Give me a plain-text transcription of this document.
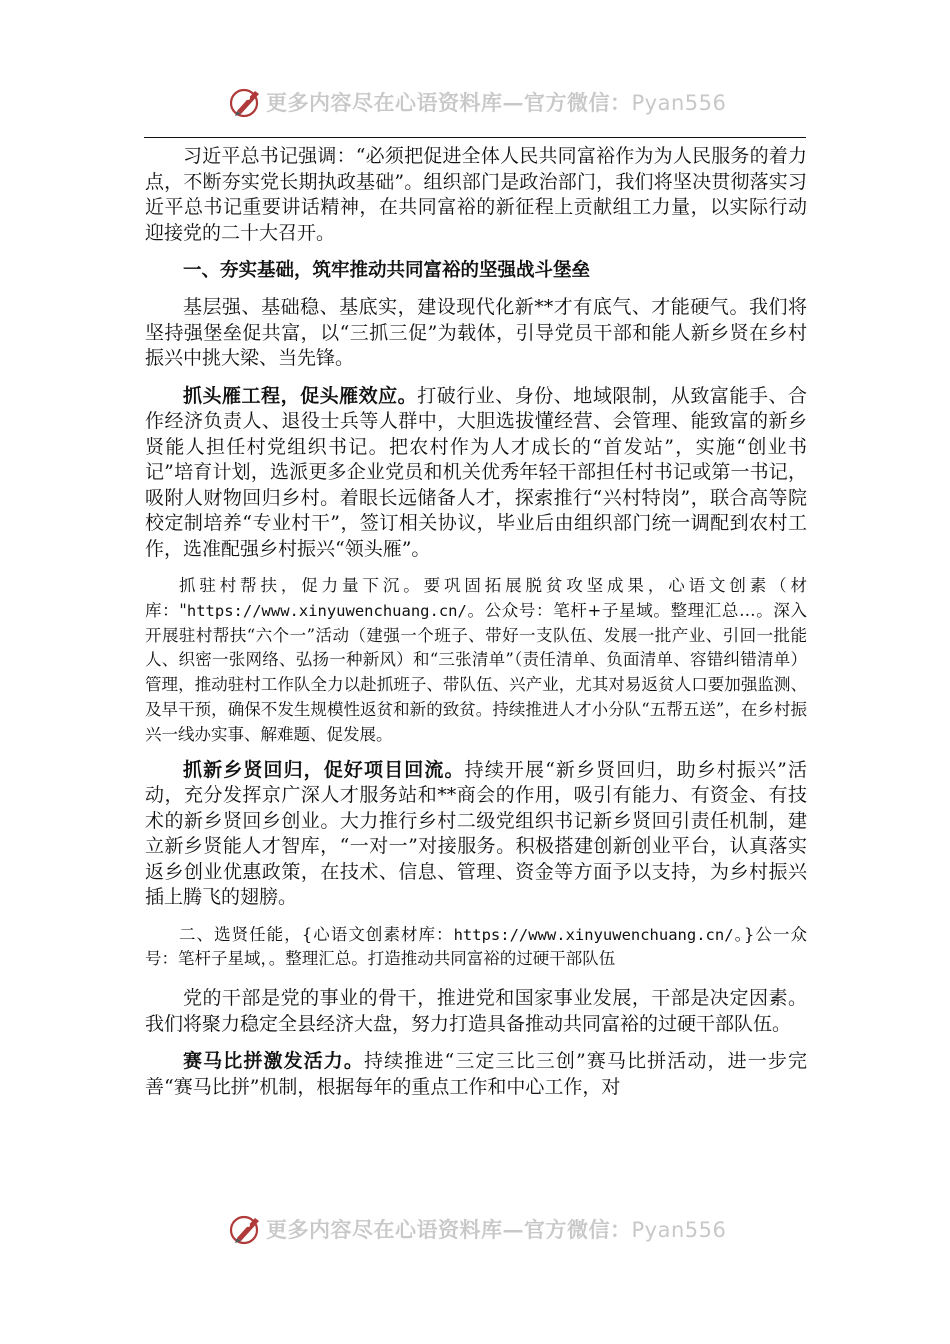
更多内容尽在心语资料库—官方微信：Pyan556

习近平总书记强调：“必须把促进全体人民共同富裕作为为人民服务的着力点，不断夯实党长期执政基础”。组织部门是政治部门，我们将坚决贯彻落实习近平总书记重要讲话精神，在共同富裕的新征程上贡献组工力量，以实际行动迎接党的二十大召开。

一、夯实基础，筑牢推动共同富裕的坚强战斗堡垒

基层强、基础稳、基底实，建设现代化新**才有底气、才能硬气。我们将坚持强堡垒促共富，以“三抓三促”为载体，引导党员干部和能人新乡贤在乡村振兴中挑大梁、当先锋。

抓头雁工程，促头雁效应。打破行业、身份、地域限制，从致富能手、合作经济负责人、退役士兵等人群中，大胆选拔懂经营、会管理、能致富的新乡贤能人担任村党组织书记。把农村作为人才成长的“首发站”，实施“创业书记”培育计划，选派更多企业党员和机关优秀年轻干部担任村书记或第一书记，吸附人财物回归乡村。着眼长远储备人才，探索推行“兴村特岗”，联合高等院校定制培养“专业村干”，签订相关协议，毕业后由组织部门统一调配到农村工作，选准配强乡村振兴“领头雁”。

抓驻村帮扶，促力量下沉。要巩固拓展脱贫攻坚成果，心语文创素（材库："https://www.xinyuwenchuang.cn/。公众号：笔杆+子星域。整理汇总…。深入开展驻村帮扶“六个一”活动（建强一个班子、带好一支队伍、发展一批产业、引回一批能人、织密一张网络、弘扬一种新风）和“三张清单”（责任清单、负面清单、容错纠错清单）管理，推动驻村工作队全力以赴抓班子、带队伍、兴产业，尤其对易返贫人口要加强监测、及早干预，确保不发生规模性返贫和新的致贫。持续推进人才小分队“五帮五送”，在乡村振兴一线办实事、解难题、促发展。

抓新乡贤回归，促好项目回流。持续开展“新乡贤回归，助乡村振兴”活动，充分发挥京广深人才服务站和**商会的作用，吸引有能力、有资金、有技术的新乡贤回乡创业。大力推行乡村二级党组织书记新乡贤回引责任机制，建立新乡贤能人才智库，“一对一”对接服务。积极搭建创新创业平台，认真落实返乡创业优惠政策，在技术、信息、管理、资金等方面予以支持，为乡村振兴插上腾飞的翅膀。

二、选贤任能，{心语文创素材库：https://www.xinyuwenchuang.cn/。}公一众号：笔杆子星域，。整理汇总。打造推动共同富裕的过硬干部队伍

党的干部是党的事业的骨干，推进党和国家事业发展，干部是决定因素。我们将聚力稳定全县经济大盘，努力打造具备推动共同富裕的过硬干部队伍。

赛马比拼激发活力。持续推进“三定三比三创”赛马比拼活动，进一步完善“赛马比拼”机制，根据每年的重点工作和中心工作，对

更多内容尽在心语资料库—官方微信：Pyan556
